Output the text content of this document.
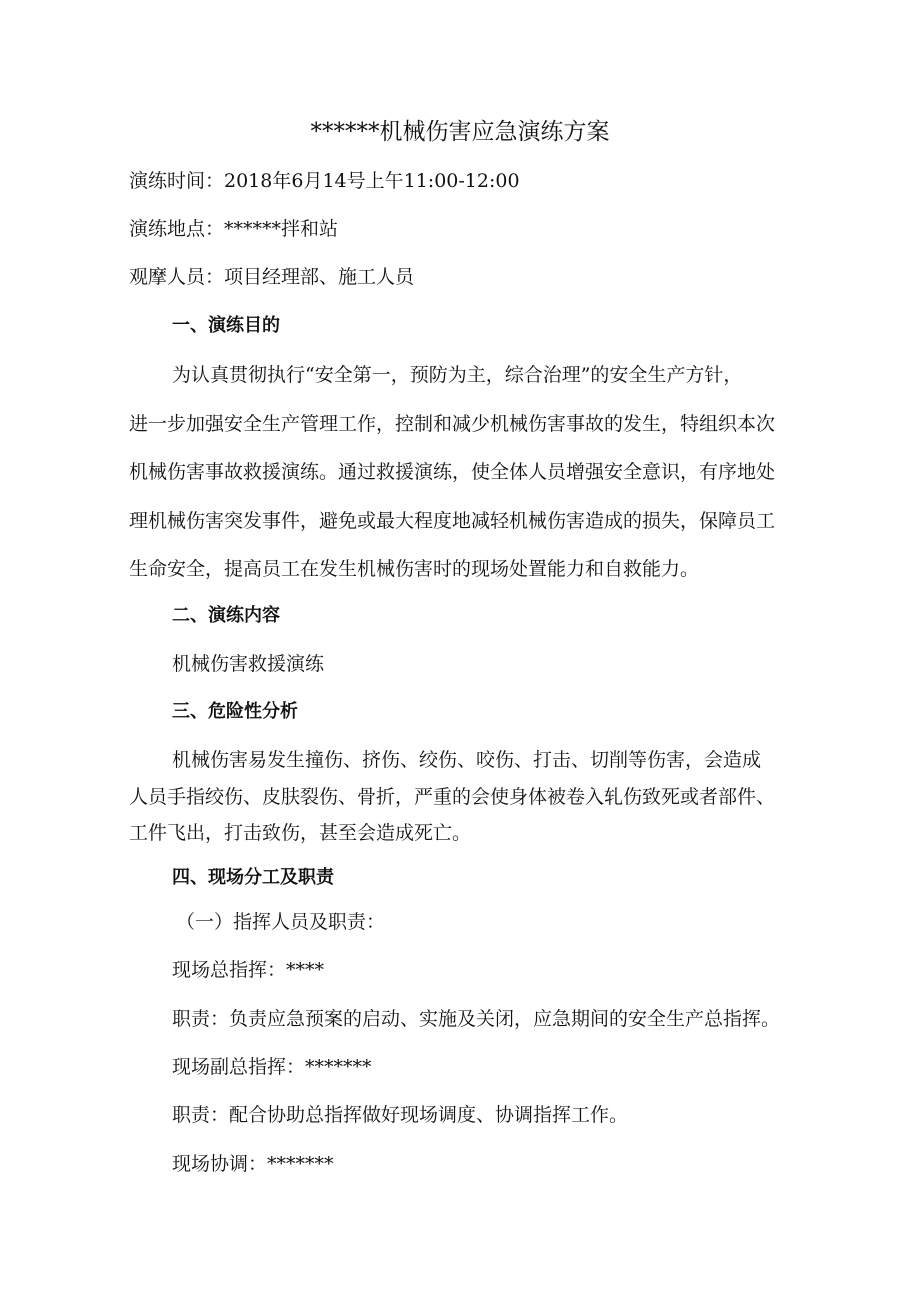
******机械伤害应急演练方案
演练时间：2018年6月14号上午11:00-12:00
演练地点：******拌和站
观摩人员：项目经理部、施工人员
一、演练目的
为认真贯彻执行“安全第一，预防为主，综合治理”的安全生产方针，
进一步加强安全生产管理工作，控制和减少机械伤害事故的发生，特组织本次
机械伤害事故救援演练。通过救援演练，使全体人员增强安全意识，有序地处
理机械伤害突发事件，避免或最大程度地减轻机械伤害造成的损失，保障员工
生命安全，提高员工在发生机械伤害时的现场处置能力和自救能力。
二、演练内容
机械伤害救援演练
三、危险性分析
机械伤害易发生撞伤、挤伤、绞伤、咬伤、打击、切削等伤害，会造成
人员手指绞伤、皮肤裂伤、骨折，严重的会使身体被卷入轧伤致死或者部件、
工件飞出，打击致伤，甚至会造成死亡。
四、现场分工及职责
（一）指挥人员及职责：
现场总指挥：****
职责：负责应急预案的启动、实施及关闭，应急期间的安全生产总指挥。
现场副总指挥：*******
职责：配合协助总指挥做好现场调度、协调指挥工作。
现场协调：*******
